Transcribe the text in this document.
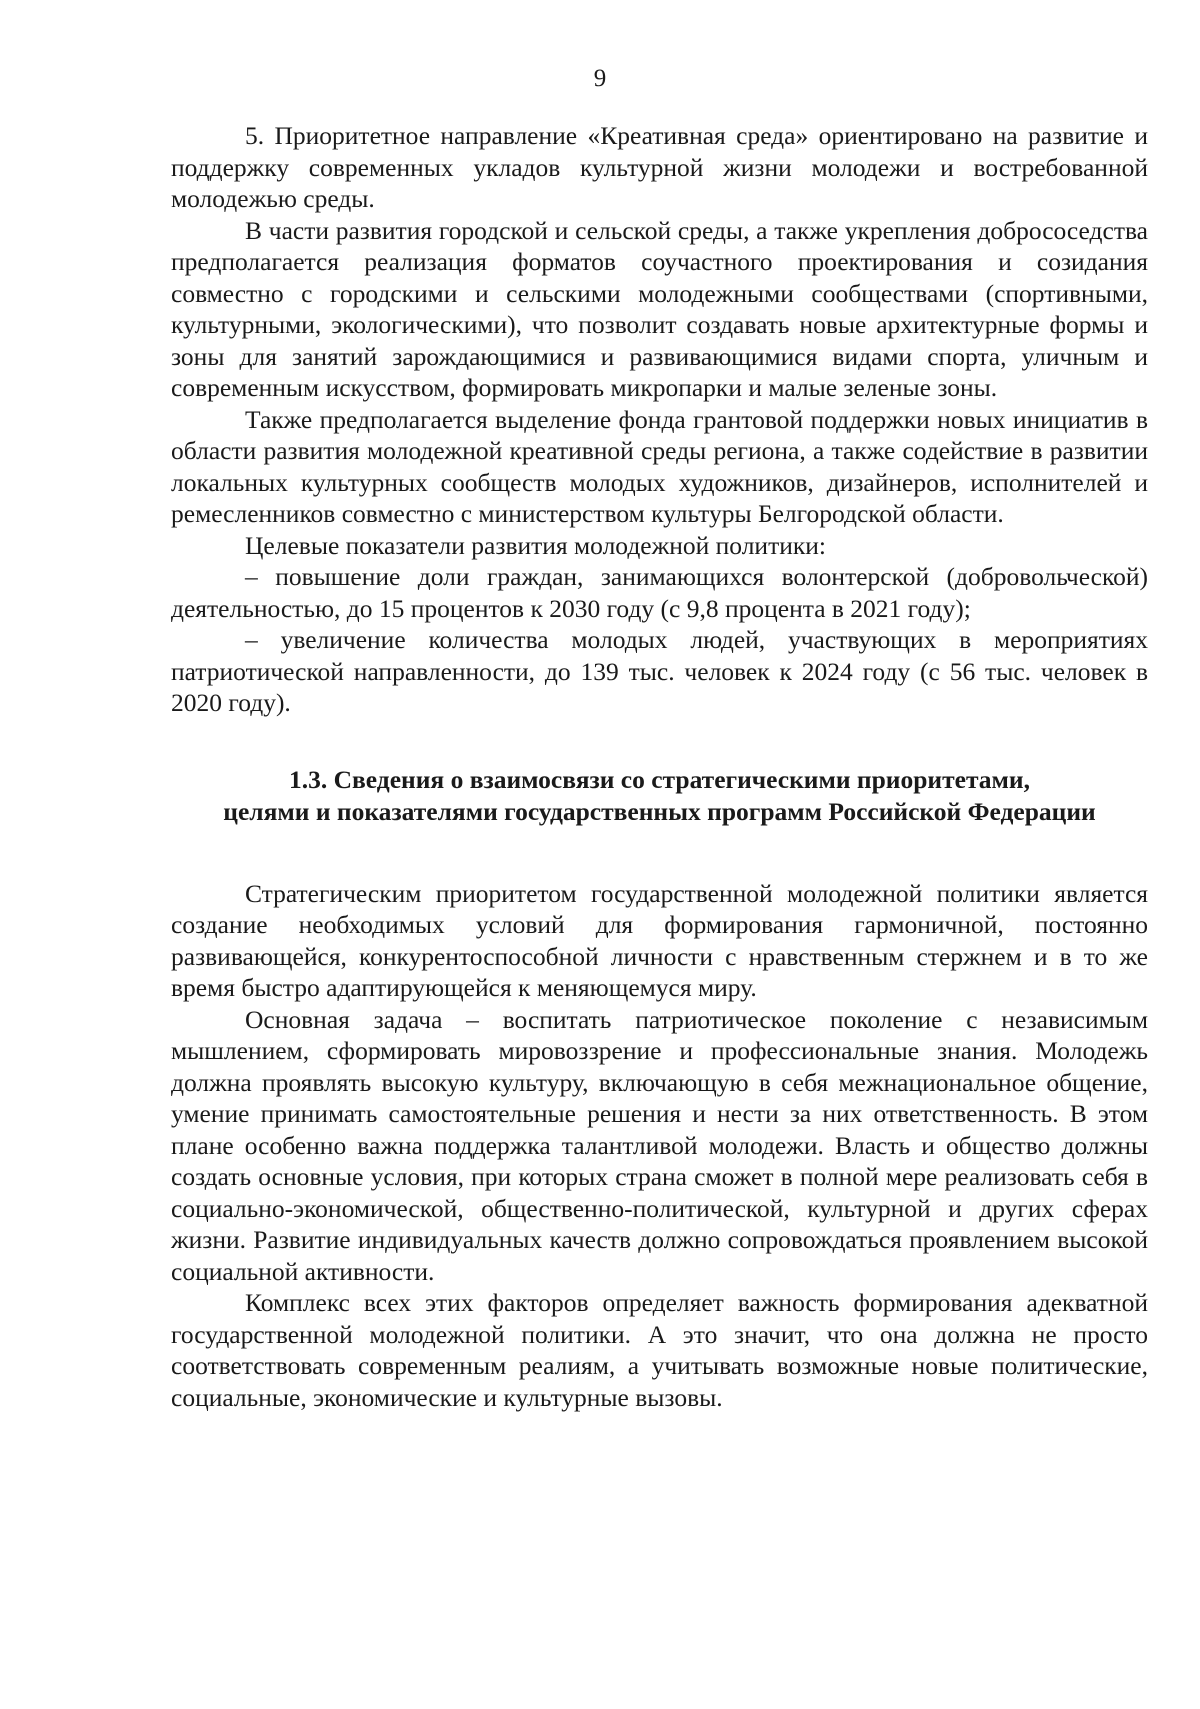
9

5. Приоритетное направление «Креативная среда» ориентировано на развитие и поддержку современных укладов культурной жизни молодежи и востребованной молодежью среды.

В части развития городской и сельской среды, а также укрепления добрососедства предполагается реализация форматов соучастного проектирования и созидания совместно с городскими и сельскими молодежными сообществами (спортивными, культурными, экологическими), что позволит создавать новые архитектурные формы и зоны для занятий зарождающимися и развивающимися видами спорта, уличным и современным искусством, формировать микропарки и малые зеленые зоны.

Также предполагается выделение фонда грантовой поддержки новых инициатив в области развития молодежной креативной среды региона, а также содействие в развитии локальных культурных сообществ молодых художников, дизайнеров, исполнителей и ремесленников совместно с министерством культуры Белгородской области.

Целевые показатели развития молодежной политики:

– повышение доли граждан, занимающихся волонтерской (добровольческой) деятельностью, до 15 процентов к 2030 году (с 9,8 процента в 2021 году);

– увеличение количества молодых людей, участвующих в мероприятиях патриотической направленности, до 139 тыс. человек к 2024 году (с 56 тыс. человек в 2020 году).

1.3. Сведения о взаимосвязи со стратегическими приоритетами,
целями и показателями государственных программ Российской Федерации

Стратегическим приоритетом государственной молодежной политики является создание необходимых условий для формирования гармоничной, постоянно развивающейся, конкурентоспособной личности с нравственным стержнем и в то же время быстро адаптирующейся к меняющемуся миру.

Основная задача – воспитать патриотическое поколение с независимым мышлением, сформировать мировоззрение и профессиональные знания. Молодежь должна проявлять высокую культуру, включающую в себя межнациональное общение, умение принимать самостоятельные решения и нести за них ответственность. В этом плане особенно важна поддержка талантливой молодежи. Власть и общество должны создать основные условия, при которых страна сможет в полной мере реализовать себя в социально-экономической, общественно-политической, культурной и других сферах жизни. Развитие индивидуальных качеств должно сопровождаться проявлением высокой социальной активности.

Комплекс всех этих факторов определяет важность формирования адекватной государственной молодежной политики. А это значит, что она должна не просто соответствовать современным реалиям, а учитывать возможные новые политические, социальные, экономические и культурные вызовы.
